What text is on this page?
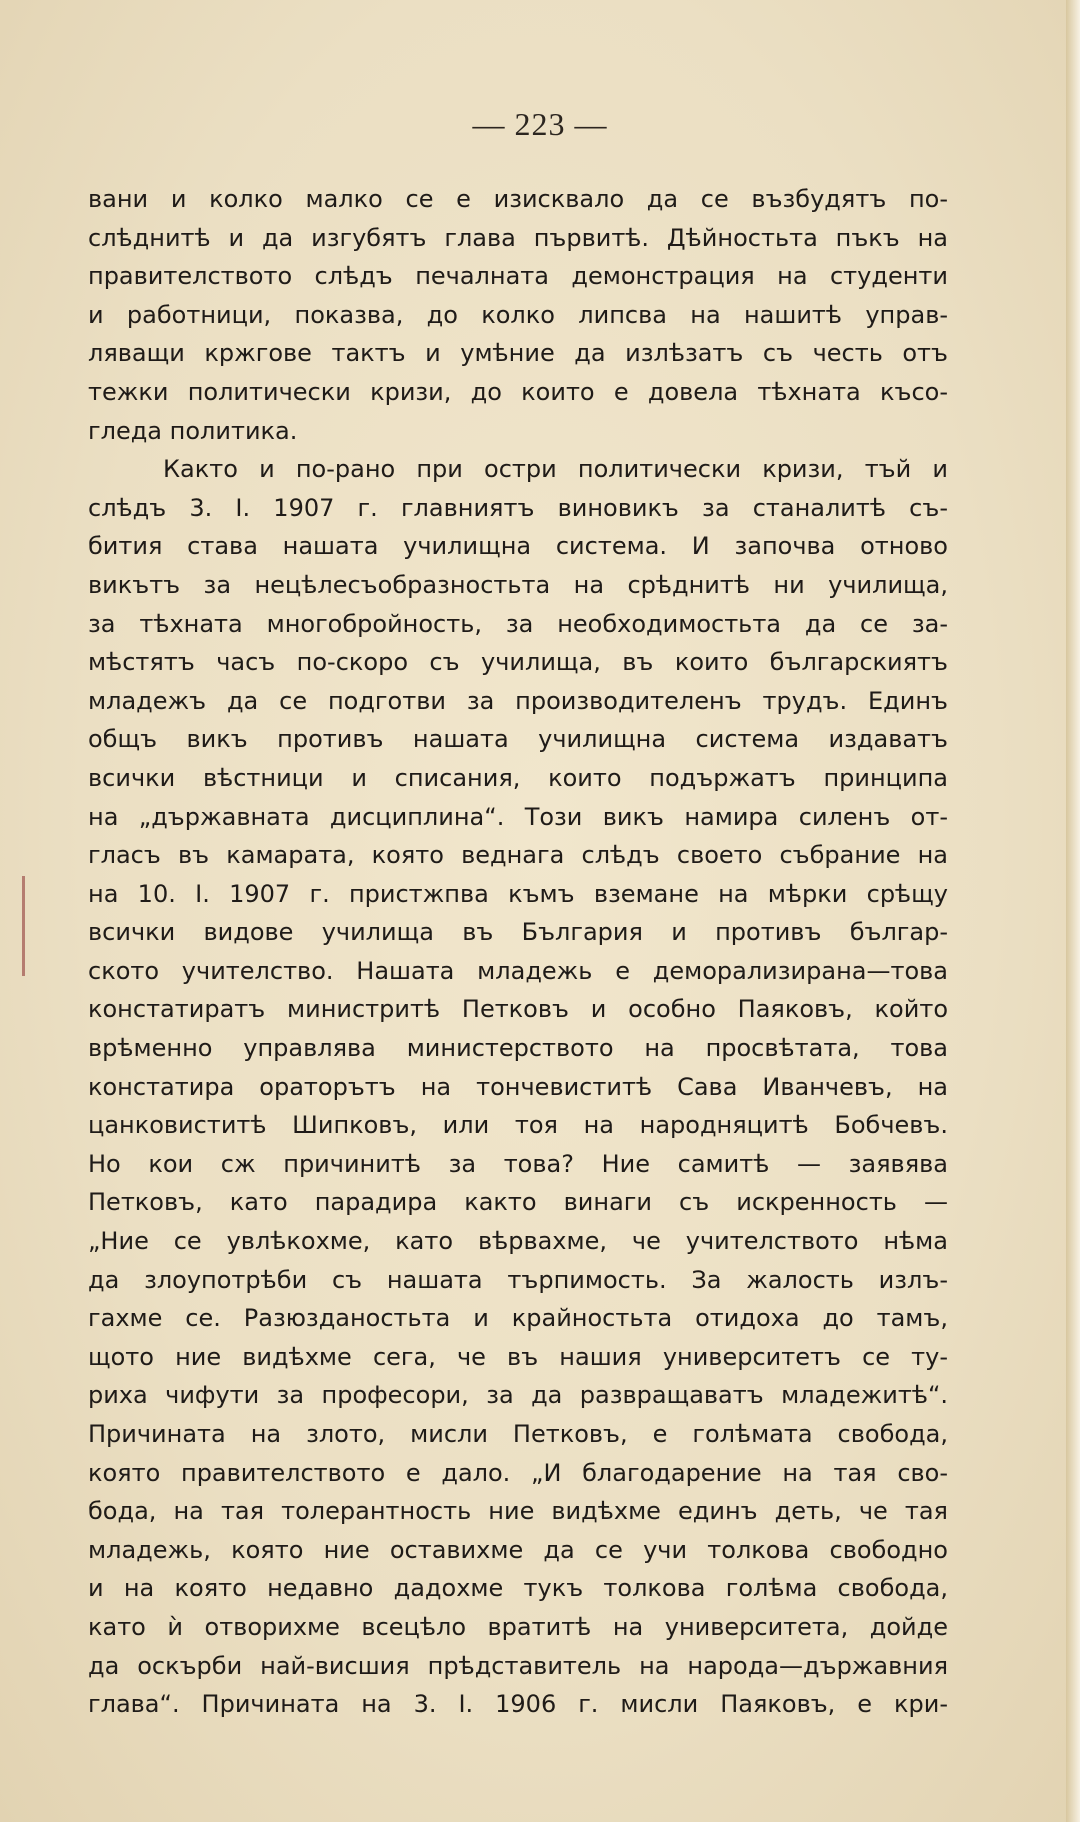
— 223 —
вани и колко малко се е изисквало да се възбудятъ по-
слѣднитѣ и да изгубятъ глава първитѣ. Дѣйностьта пъкъ на
правителството слѣдъ печалната демонстрация на студенти
и работници, показва, до колко липсва на нашитѣ управ-
ляващи кржгове тактъ и умѣние да излѣзатъ съ честь отъ
тежки политически кризи, до които е довела тѣхната късо-
гледа политика.
Както и по-рано при остри политически кризи, тъй и
слѣдъ 3. I. 1907 г. главниятъ виновикъ за станалитѣ съ-
бития става нашата училищна система. И започва отново
викътъ за нецѣлесъобразностьта на срѣднитѣ ни училища,
за тѣхната многобройность, за необходимостьта да се за-
мѣстятъ часъ по-скоро съ училища, въ които българскиятъ
младежъ да се подготви за производителенъ трудъ. Единъ
общъ викъ противъ нашата училищна система издаватъ
всички вѣстници и списания, които подържатъ принципа
на „държавната дисциплина“. Този викъ намира силенъ от-
гласъ въ камарата, която веднага слѣдъ своето събрание на
на 10. I. 1907 г. пристжпва къмъ вземане на мѣрки срѣщу
всички видове училища въ България и противъ българ-
ското учителство. Нашата младежь е деморализирана—това
констатиратъ министритѣ Петковъ и особно Паяковъ, който
врѣменно управлява министерството на просвѣтата, това
констатира ораторътъ на тончевиститѣ Сава Иванчевъ, на
цанковиститѣ Шипковъ, или тоя на народняцитѣ Бобчевъ.
Но кои сж причинитѣ за това? Ние самитѣ — заявява
Петковъ, като парадира както винаги съ искренность —
„Ние се увлѣкохме, като вѣрвахме, че учителството нѣма
да злоупотрѣби съ нашата търпимость. За жалость излъ-
гахме се. Разюзданостьта и крайностьта отидоха до тамъ,
щото ние видѣхме сега, че въ нашия университетъ се ту-
риха чифути за професори, за да развращаватъ младежитѣ“.
Причината на злото, мисли Петковъ, е голѣмата свобода,
която правителството е дало. „И благодарение на тая сво-
бода, на тая толерантность ние видѣхме единъ деть, че тая
младежь, която ние оставихме да се учи толкова свободно
и на която недавно дадохме тукъ толкова голѣма свобода,
като ѝ отворихме всецѣло вратитѣ на университета, дойде
да оскърби най-висшия прѣдставитель на народа—държавния
глава“. Причината на 3. I. 1906 г. мисли Паяковъ, е кри-
